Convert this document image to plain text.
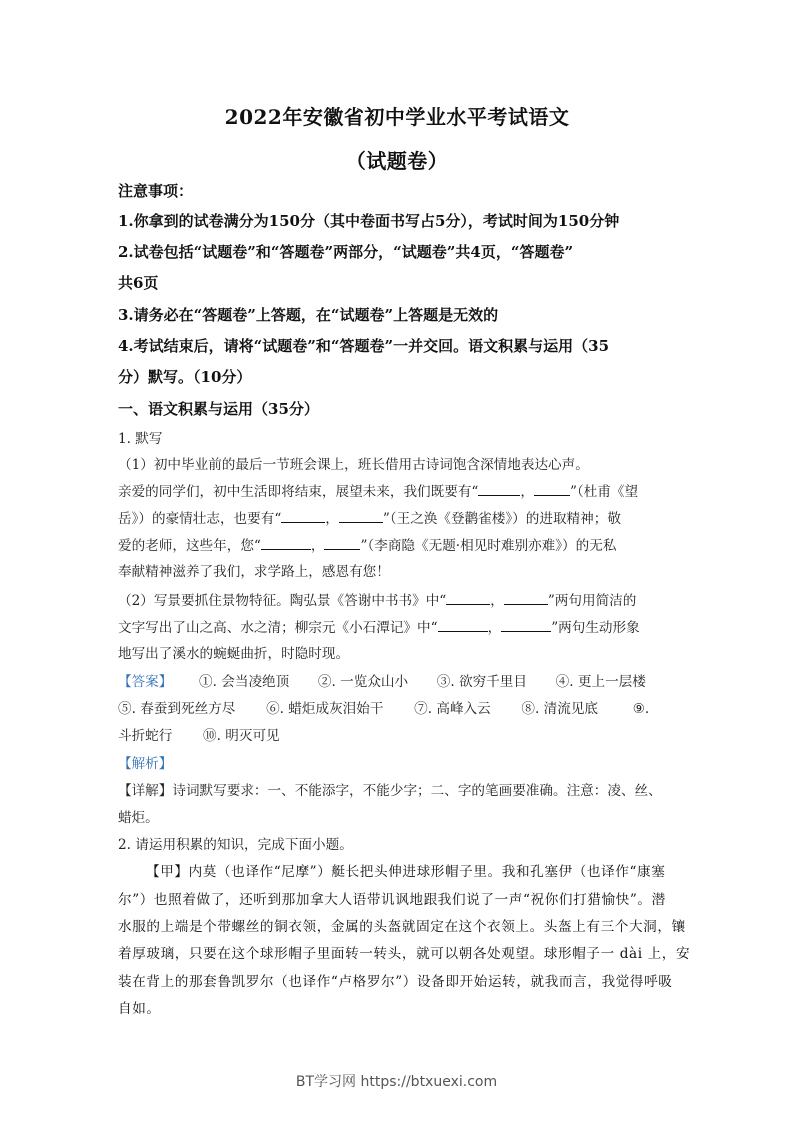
2022年安徽省初中学业水平考试语文
（试题卷）
注意事项：
1.你拿到的试卷满分为150分（其中卷面书写占5分），考试时间为150分钟
2.试卷包括“试题卷”和“答题卷”两部分，“试题卷”共4页，“答题卷”
共6页
3.请务必在“答题卷”上答题，在“试题卷”上答题是无效的
4.考试结束后，请将“试题卷”和“答题卷”一并交回。语文积累与运用（35
分）默写。（10分）
一、语文积累与运用（35分）
1. 默写
（1）初中毕业前的最后一节班会课上，班长借用古诗词饱含深情地表达心声。
亲爱的同学们，初中生活即将结束，展望未来，我们既要有“	，	”（杜甫《望
岳》）的豪情壮志，也要有“	，	”（王之涣《登鹳雀楼》）的进取精神；敬
爱的老师，这些年，您“	，	”（李商隐《无题·相见时难别亦难》）的无私
奉献精神滋养了我们，求学路上，感恩有您！
（2）写景要抓住景物特征。陶弘景《答谢中书书》中“	，	”两句用简洁的
文字写出了山之高、水之清；柳宗元《小石潭记》中“	，	”两句生动形象
地写出了溪水的蜿蜒曲折，时隐时现。
【答案】 ①. 会当凌绝顶 ②. 一览众山小 ③. 欲穷千里目 ④. 更上一层楼
⑤. 春蚕到死丝方尽 ⑥. 蜡炬成灰泪始干 ⑦. 高峰入云 ⑧. 清流见底	⑨.
斗折蛇行 ⑩. 明灭可见
【解析】
【详解】诗词默写要求：一、不能添字，不能少字；二、字的笔画要准确。注意：凌、丝、
蜡炬。
2. 请运用积累的知识，完成下面小题。
【甲】内莫（也译作“尼摩”）艇长把头伸进球形帽子里。我和孔塞伊（也译作“康塞
尔”）也照着做了，还听到那加拿大人语带讥讽地跟我们说了一声“祝你们打猎愉快”。潜
水服的上端是个带螺丝的铜衣领，金属的头盔就固定在这个衣领上。头盔上有三个大洞，镶
着厚玻璃，只要在这个球形帽子里面转一转头，就可以朝各处观望。球形帽子一 dài 上，安
装在背上的那套鲁凯罗尔（也译作“卢格罗尔”）设备即开始运转，就我而言，我觉得呼吸
自如。
BT学习网 https://btxuexi.com
